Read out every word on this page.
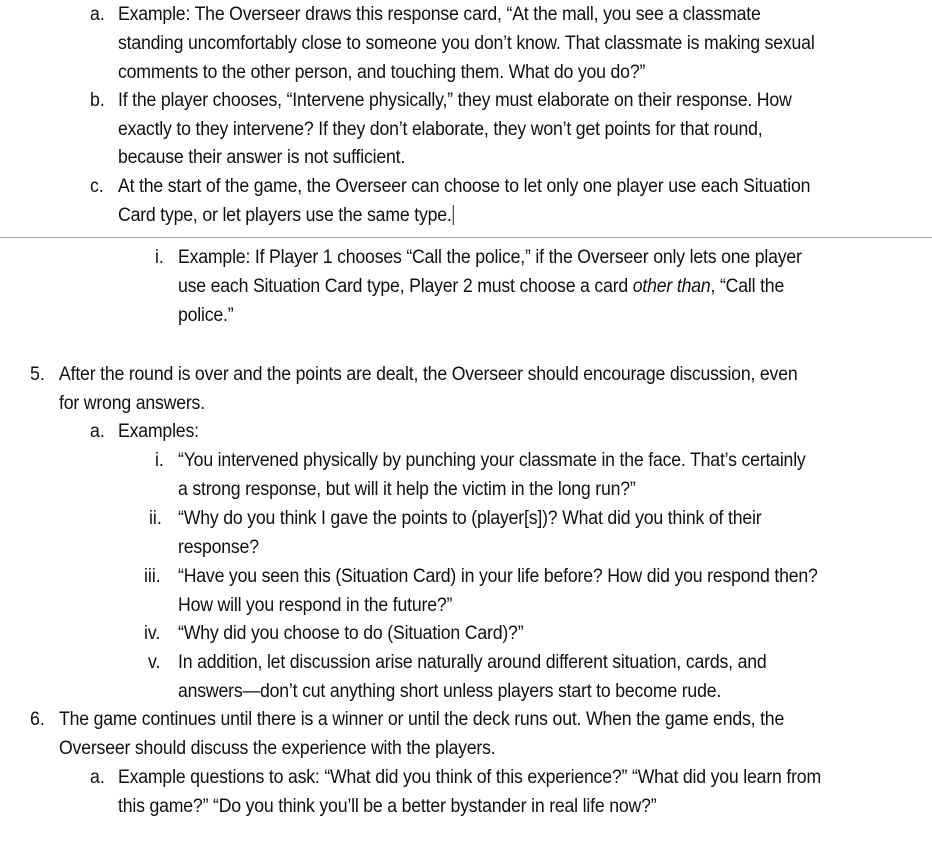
a. Example: The Overseer draws this response card, “At the mall, you see a classmate
standing uncomfortably close to someone you don’t know. That classmate is making sexual
comments to the other person, and touching them. What do you do?”
b. If the player chooses, “Intervene physically,” they must elaborate on their response. How
exactly to they intervene? If they don’t elaborate, they won’t get points for that round,
because their answer is not sufficient.
c. At the start of the game, the Overseer can choose to let only one player use each Situation
Card type, or let players use the same type.
i. Example: If Player 1 chooses “Call the police,” if the Overseer only lets one player
use each Situation Card type, Player 2 must choose a card other than, “Call the
police.”
5. After the round is over and the points are dealt, the Overseer should encourage discussion, even
for wrong answers.
a. Examples:
i. “You intervened physically by punching your classmate in the face. That’s certainly
a strong response, but will it help the victim in the long run?”
ii. “Why do you think I gave the points to (player[s])? What did you think of their
response?
iii. “Have you seen this (Situation Card) in your life before? How did you respond then?
How will you respond in the future?”
iv. “Why did you choose to do (Situation Card)?”
v. In addition, let discussion arise naturally around different situation, cards, and
answers—don’t cut anything short unless players start to become rude.
6. The game continues until there is a winner or until the deck runs out. When the game ends, the
Overseer should discuss the experience with the players.
a. Example questions to ask: “What did you think of this experience?” “What did you learn from
this game?” “Do you think you’ll be a better bystander in real life now?”
